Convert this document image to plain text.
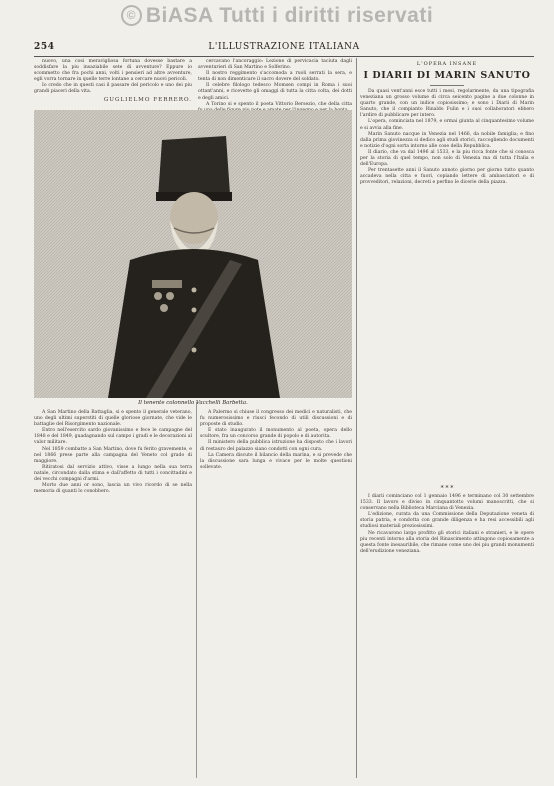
© BiASA Tutti i diritti riservati
254	L'ILLUSTRAZIONE ITALIANA

nuovo, una cosi meravigliosa fortuna dovesse bastare a soddisfare la piu insaziabile sete di avventure? Eppure io scommetto che fra pochi anni, volti i pensieri ad altre avventure, egli vorra tornare in quelle terre lontane a cercare nuovi pericoli.

Io credo che in questi casi il passare del pericolo e uno dei piu grandi piaceri della vita.

GUGLIELMO FERRERO.

cercavano l'ancoraggio: Lezione di pervicacia taciuta dagli avventurieri di San Martino e Solferino.

Il nostro reggimento s'accomoda a ruoli serrati la sera, e tenta di non dimenticare il sacro dovere del soldato.

Il celebre filologo tedesco Momsen compi in Roma i suoi ottant'anni, e ricevette gli omaggi di tutta la citta colta, dei dotti e degli amici.

A Torino si e spento il poeta Vittorio Bersezio, che della citta

Il tenente colonnello Vacchelli Barbetta.

A San Martino della Battaglia, si e spento il generale veterano, uno degli ultimi superstiti di quelle gloriose giornate, che vide le battaglie del Risorgimento nazionale.

Entro nell'esercito sardo giovanissimo e fece le campagne del 1848 e del 1849, guadagnando sul campo i gradi e le decorazioni al valor militare.

Nel 1859 combatte a San Martino, dove fu ferito gravemente, e nel 1866 prese parte alla campagna del Veneto col grado di maggiore.

Ritiratosi dal servizio attivo, visse a lungo nella sua terra natale, circondato dalla stima e dall'affetto di tutti i concittadini e dei vecchi compagni d'armi.

Morto due anni or sono, lascia un vivo ricordo di se nella memoria di quanti lo conobbero.

A Palermo si chiuse il congresso dei medici e naturalisti, che fu numerosissimo e riusci fecondo di utili discussioni e di proposte di studio.

E stato inaugurato il monumento al poeta, opera dello scultore, fra un concorso grande di popolo e di autorita.

Il ministero della pubblica istruzione ha disposto che i lavori di restauro del palazzo siano condotti con ogni cura.

La Camera discute il bilancio della marina, e si prevede che la discussione sara lunga e vivace per le molte questioni sollevate.

L'OPERA INSANE
I DIARII DI MARIN SANUTO

Da quasi vent'anni esce tutti i mesi, regolarmente, da una tipografia veneziana un grosso volume di circa seicento pagine a due colonne in quarto grande, con un indice copiosissimo; e sono i Diarii di Marin Sanuto, che il compianto Rinaldo Fulin e i suoi collaboratori ebbero l'ardire di pubblicare per intero.

L'opera, cominciata nel 1879, e ormai giunta al cinquantesimo volume e si avvia alla fine.

Marin Sanuto nacque in Venezia nel 1466, da nobile famiglia; e fino dalla prima giovinezza si dedico agli studi storici, raccogliendo documenti e notizie d'ogni sorta intorno alle cose della Repubblica.

Il diario, che va dal 1496 al 1533, e la piu ricca fonte che si conosca per la storia di quel tempo, non solo di Venezia ma di tutta l'Italia e dell'Europa.

Per trentasette anni il Sanuto annoto giorno per giorno tutto quanto accadeva nella citta e fuori, copiando lettere di ambasciatori e di provveditori, relazioni, decreti e perfino le dicerie della piazza.

* * *

I diarii cominciano col 1 gennaio 1496 e terminano col 30 settembre 1533. Il lavoro e diviso in cinquantotto volumi manoscritti, che si conservano nella Biblioteca Marciana di Venezia.

L'edizione, curata da una Commissione della Deputazione veneta di storia patria, e condotta con grande diligenza e ha resi accessibili agli studiosi materiali preziosissimi.

Ne ricavarono largo profitto gli storici italiani e stranieri, e le opere piu recenti intorno alla storia del Rinascimento attingono copiosamente a questa fonte inesauribile, che rimane come uno dei piu grandi monumenti dell'erudizione veneziana.
